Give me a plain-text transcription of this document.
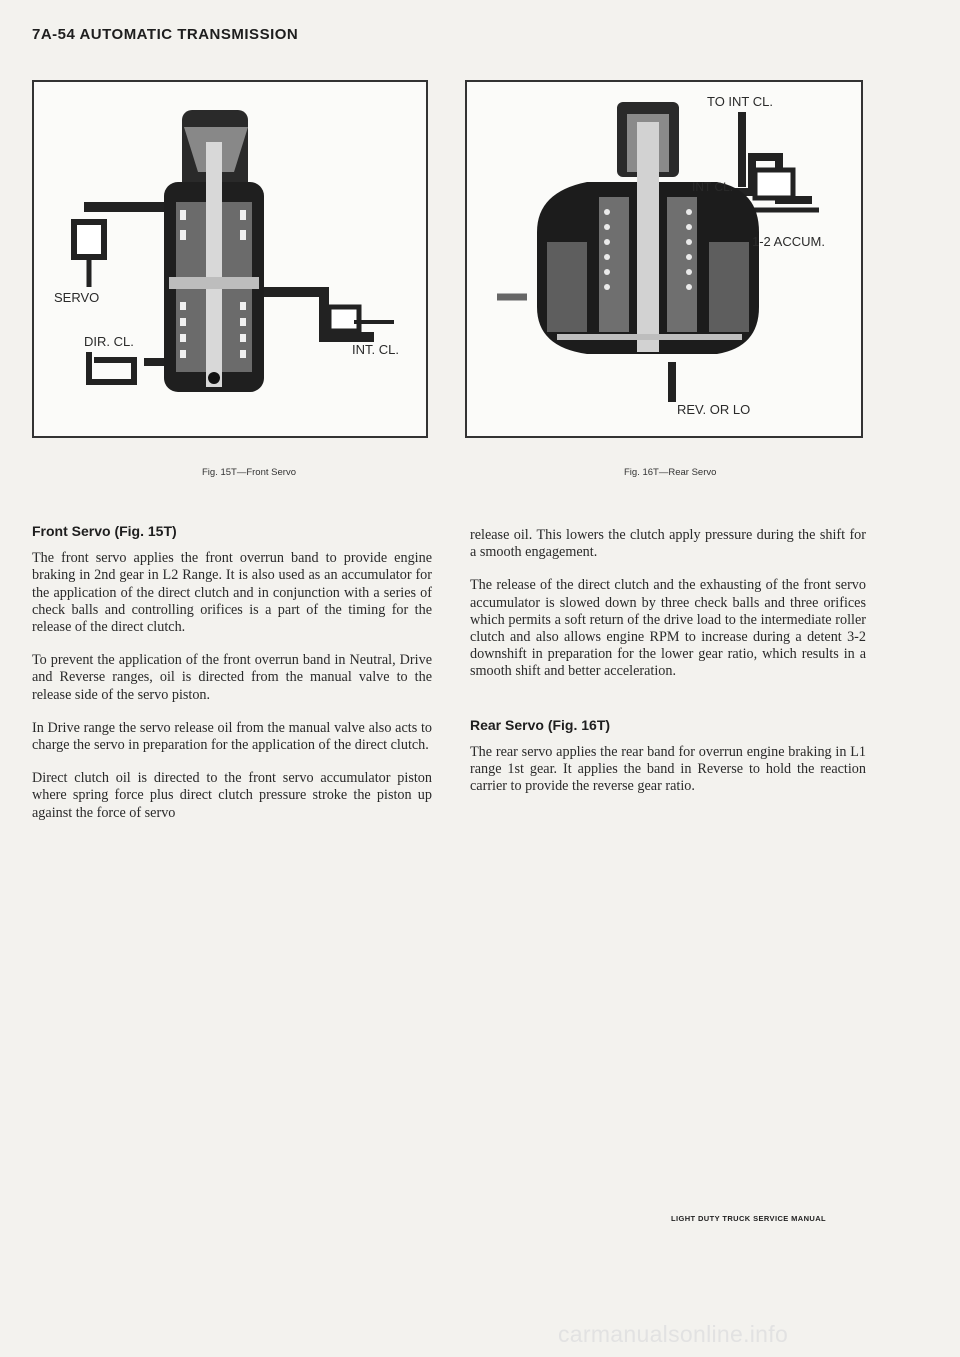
7A-54 AUTOMATIC TRANSMISSION
SERVO
DIR. CL.
INT. CL.
TO INT CL.
INT CL.
1-2 ACCUM.
REV. OR LO
Fig. 15T—Front Servo	Fig. 16T—Rear Servo
Front Servo (Fig. 15T)

The front servo applies the front overrun band to provide engine braking in 2nd gear in L2 Range. It is also used as an accumulator for the application of the direct clutch and in conjunction with a series of check balls and controlling orifices is a part of the timing for the release of the direct clutch.

To prevent the application of the front overrun band in Neutral, Drive and Reverse ranges, oil is directed from the manual valve to the release side of the servo piston.

In Drive range the servo release oil from the manual valve also acts to charge the servo in preparation for the application of the direct clutch.

Direct clutch oil is directed to the front servo accumulator piston where spring force plus direct clutch pressure stroke the piston up against the force of servo

release oil. This lowers the clutch apply pressure during the shift for a smooth engagement.

The release of the direct clutch and the exhausting of the front servo accumulator is slowed down by three check balls and three orifices which permits a soft return of the drive load to the intermediate roller clutch and also allows engine RPM to increase during a detent 3-2 downshift in preparation for the lower gear ratio, which results in a smooth shift and better acceleration.

Rear Servo (Fig. 16T)

The rear servo applies the rear band for overrun engine braking in L1 range 1st gear. It applies the band in Reverse to hold the reaction carrier to provide the reverse gear ratio.

LIGHT DUTY TRUCK SERVICE MANUAL
carmanualsonline.info
